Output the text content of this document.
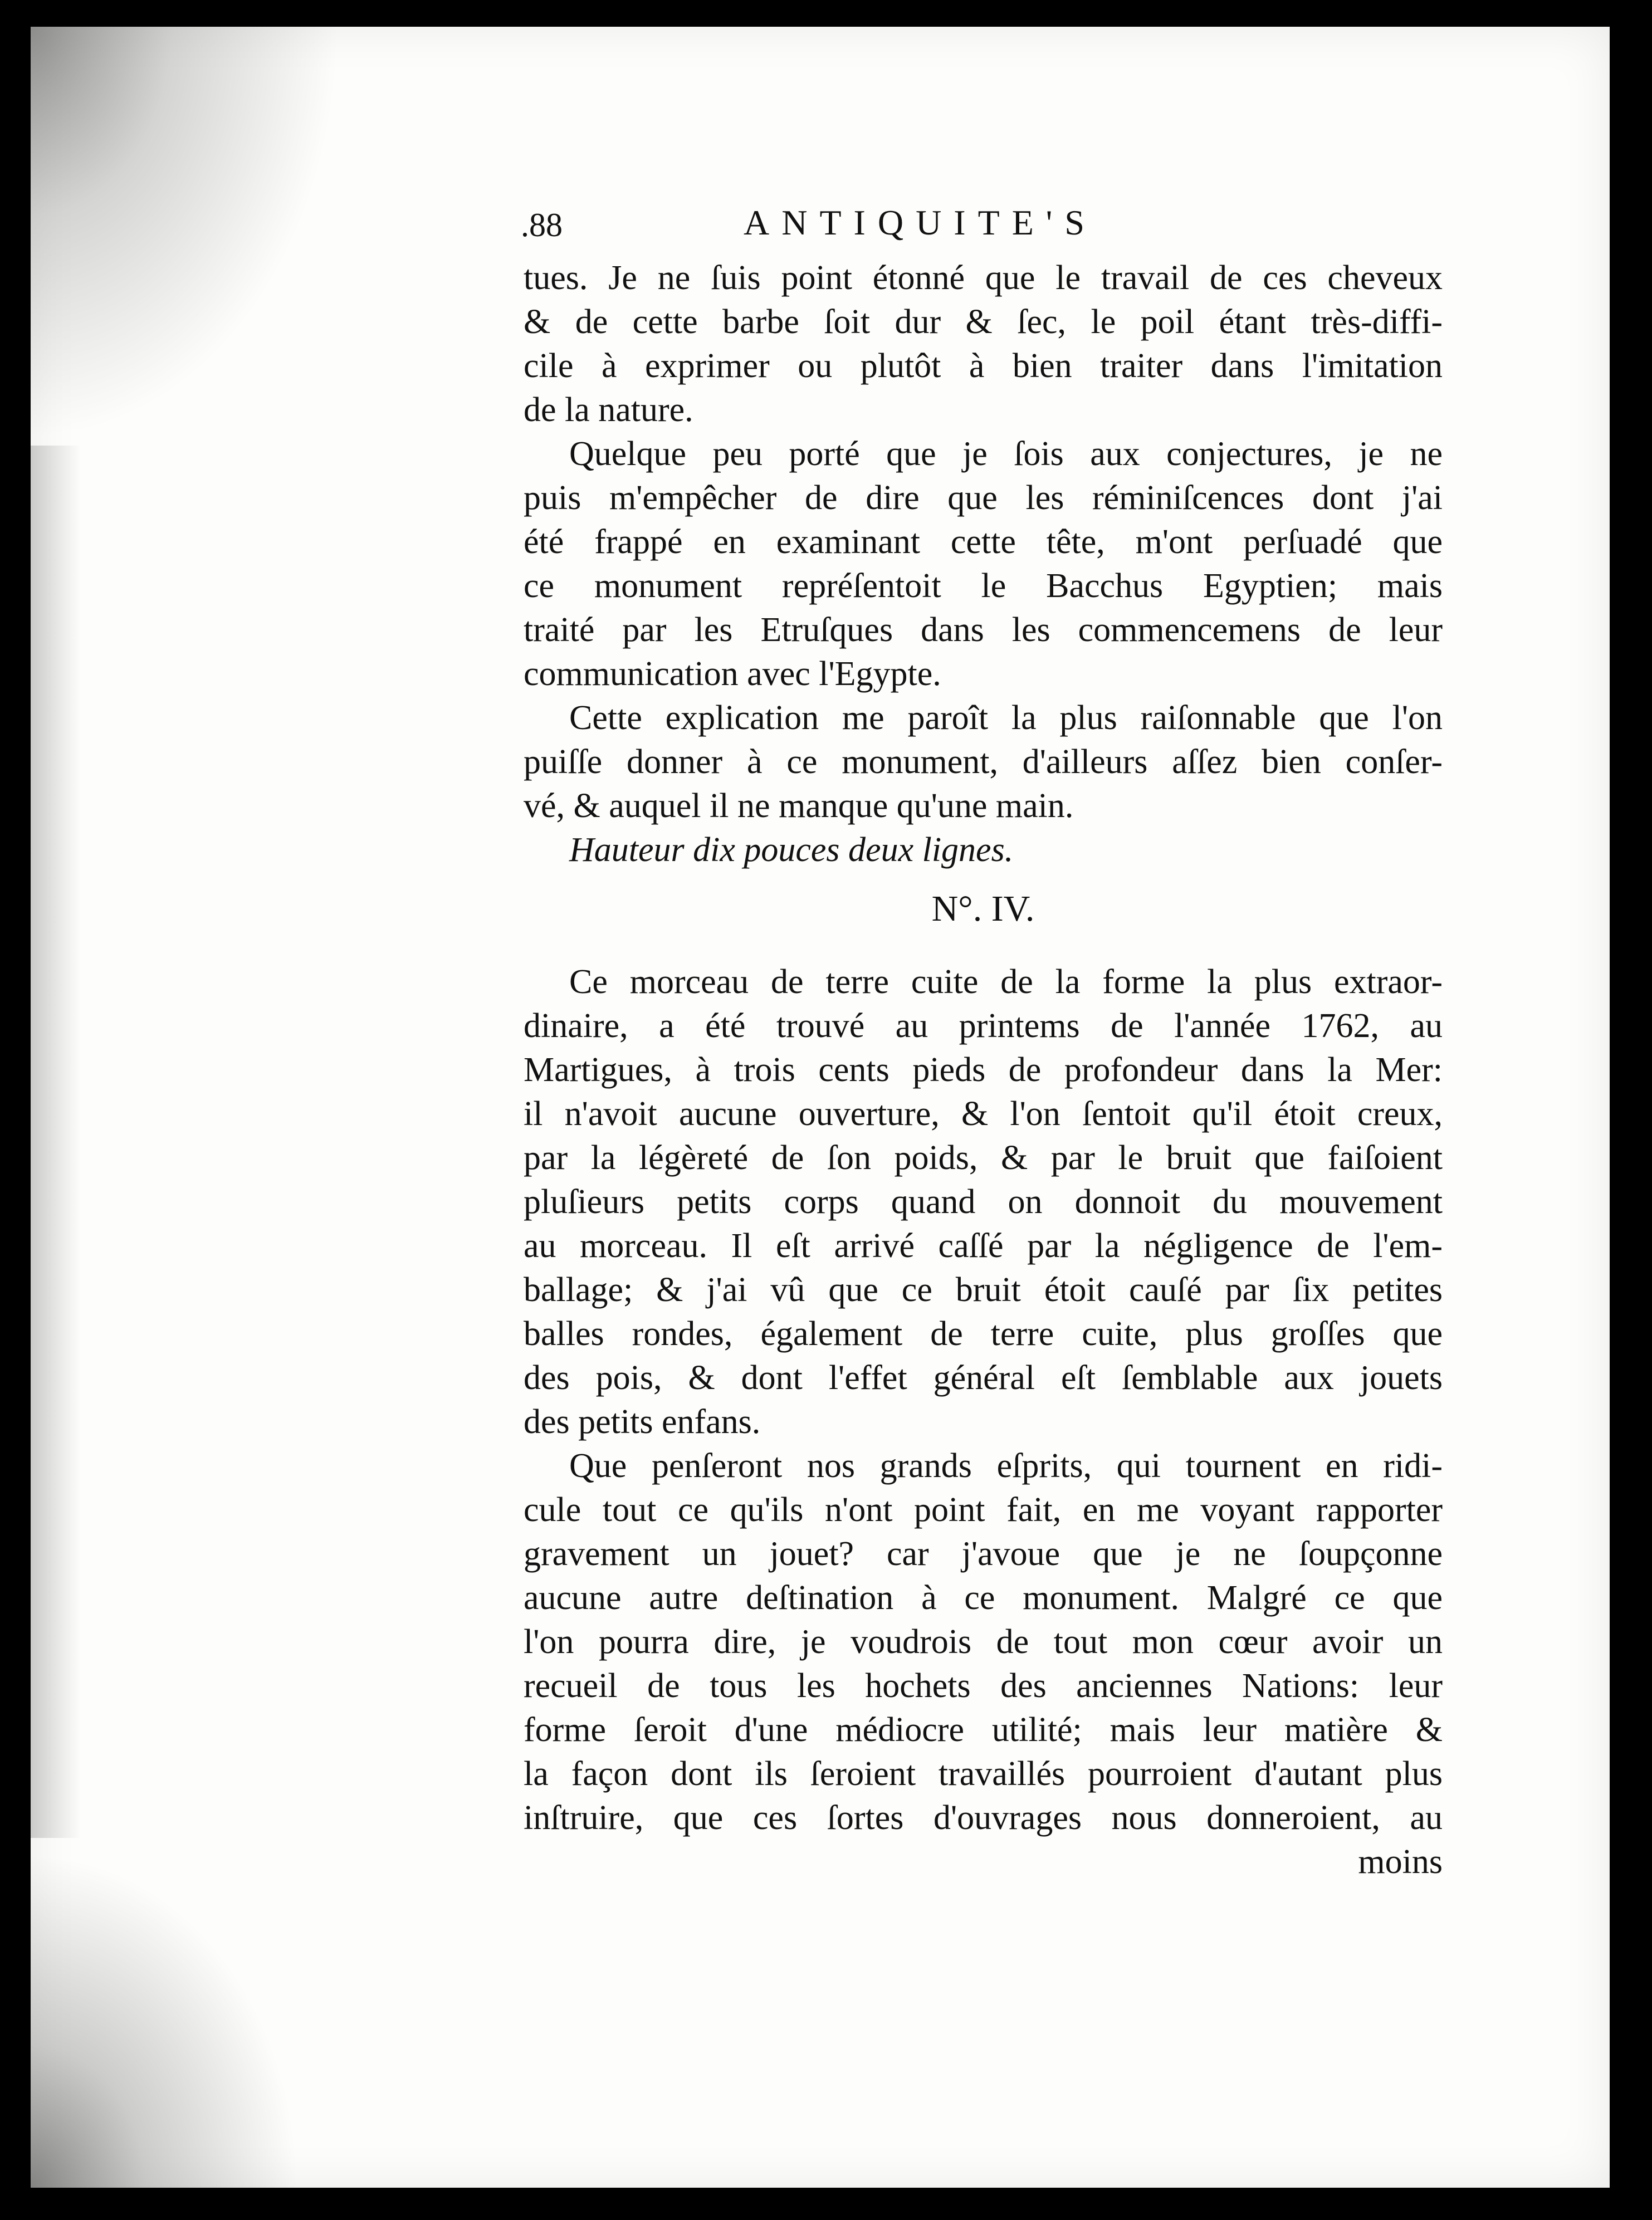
.88	ANTIQUITE'S
tues. Je ne ſuis point étonné que le travail de ces cheveux
& de cette barbe ſoit dur & ſec, le poil étant très-diffi-
cile à exprimer ou plutôt à bien traiter dans l'imitation
de la nature.
Quelque peu porté que je ſois aux conjectures, je ne
puis m'empêcher de dire que les réminiſcences dont j'ai
été frappé en examinant cette tête, m'ont perſuadé que
ce monument repréſentoit le Bacchus Egyptien; mais
traité par les Etruſques dans les commencemens de leur
communication avec l'Egypte.
Cette explication me paroît la plus raiſonnable que l'on
puiſſe donner à ce monument, d'ailleurs aſſez bien conſer-
vé, & auquel il ne manque qu'une main.
Hauteur dix pouces deux lignes.
N°. IV.
Ce morceau de terre cuite de la forme la plus extraor-
dinaire, a été trouvé au printems de l'année 1762, au
Martigues, à trois cents pieds de profondeur dans la Mer:
il n'avoit aucune ouverture, & l'on ſentoit qu'il étoit creux,
par la légèreté de ſon poids, & par le bruit que faiſoient
pluſieurs petits corps quand on donnoit du mouvement
au morceau. Il eſt arrivé caſſé par la négligence de l'em-
ballage; & j'ai vû que ce bruit étoit cauſé par ſix petites
balles rondes, également de terre cuite, plus groſſes que
des pois, & dont l'effet général eſt ſemblable aux jouets
des petits enfans.
Que penſeront nos grands eſprits, qui tournent en ridi-
cule tout ce qu'ils n'ont point fait, en me voyant rapporter
gravement un jouet? car j'avoue que je ne ſoupçonne
aucune autre deſtination à ce monument. Malgré ce que
l'on pourra dire, je voudrois de tout mon cœur avoir un
recueil de tous les hochets des anciennes Nations: leur
forme ſeroit d'une médiocre utilité; mais leur matière &
la façon dont ils ſeroient travaillés pourroient d'autant plus
inſtruire, que ces ſortes d'ouvrages nous donneroient, au
moins
